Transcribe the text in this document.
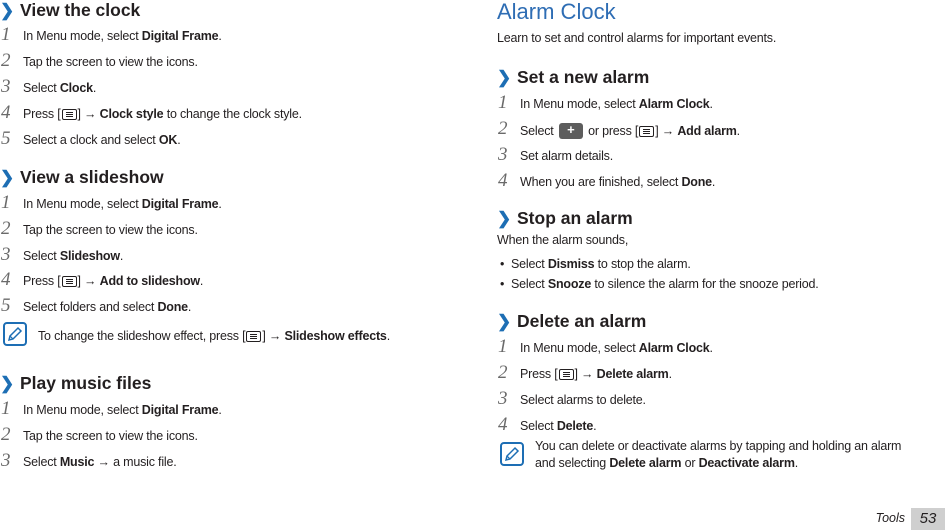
❯ View the clock
1	In Menu mode, select Digital Frame.
2	Tap the screen to view the icons.
3	Select Clock.
4	Press [ ] → Clock style to change the clock style.
5	Select a clock and select OK.
❯ View a slideshow
1	In Menu mode, select Digital Frame.
2	Tap the screen to view the icons.
3	Select Slideshow.
4	Press [ ] → Add to slideshow.
5	Select folders and select Done.
To change the slideshow effect, press [ ] → Slideshow effects.
❯ Play music files
1	In Menu mode, select Digital Frame.
2	Tap the screen to view the icons.
3	Select Music → a music file.
Alarm Clock
Learn to set and control alarms for important events.
❯ Set a new alarm
1	In Menu mode, select Alarm Clock.
2	Select + or press [ ] → Add alarm.
3	Set alarm details.
4	When you are finished, select Done.
❯ Stop an alarm
When the alarm sounds,
• Select Dismiss to stop the alarm.
• Select Snooze to silence the alarm for the snooze period.
❯ Delete an alarm
1	In Menu mode, select Alarm Clock.
2	Press [ ] → Delete alarm.
3	Select alarms to delete.
4	Select Delete.
You can delete or deactivate alarms by tapping and holding an alarm
and selecting Delete alarm or Deactivate alarm.
Tools 53
